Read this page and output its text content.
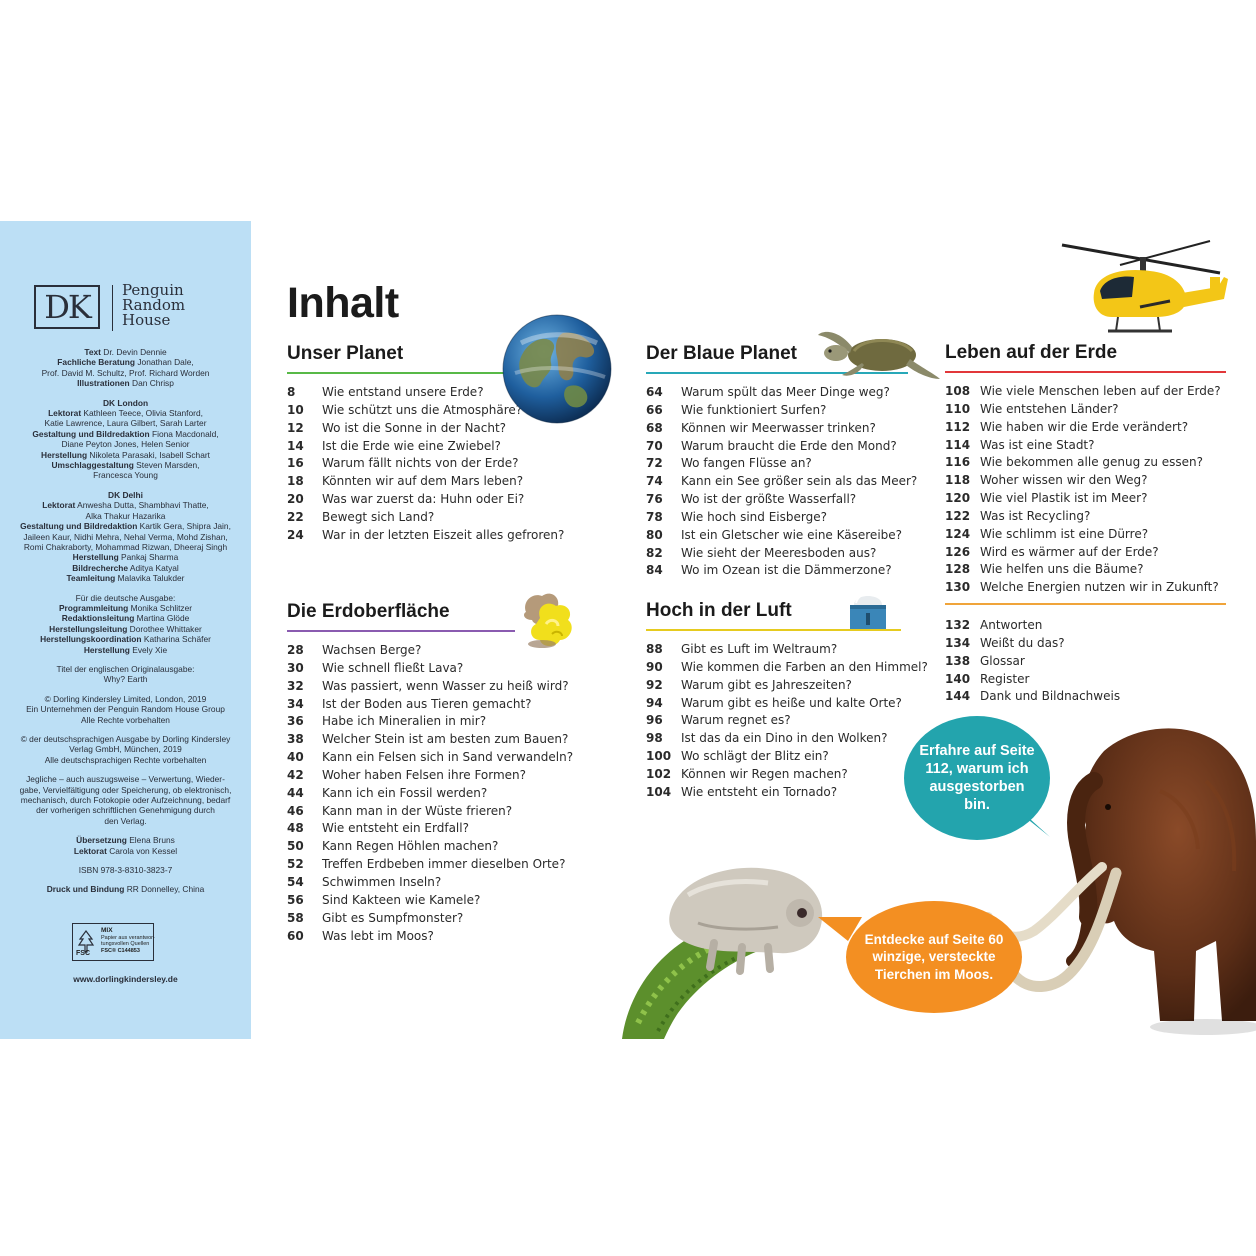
DK	Penguin
Random
House
Text Dr. Devin Dennie
Fachliche Beratung Jonathan Dale,
Prof. David M. Schultz, Prof. Richard Worden
Illustrationen Dan Chrisp
DK London
Lektorat Kathleen Teece, Olivia Stanford,
Katie Lawrence, Laura Gilbert, Sarah Larter
Gestaltung und Bildredaktion Fiona Macdonald,
Diane Peyton Jones, Helen Senior
Herstellung Nikoleta Parasaki, Isabell Schart
Umschlaggestaltung Steven Marsden,
Francesca Young
DK Delhi
Lektorat Anwesha Dutta, Shambhavi Thatte,
Alka Thakur Hazarika
Gestaltung und Bildredaktion Kartik Gera, Shipra Jain,
Jaileen Kaur, Nidhi Mehra, Nehal Verma, Mohd Zishan,
Romi Chakraborty, Mohammad Rizwan, Dheeraj Singh
Herstellung Pankaj Sharma
Bildrecherche Aditya Katyal
Teamleitung Malavika Talukder
Für die deutsche Ausgabe:
Programmleitung Monika Schlitzer
Redaktionsleitung Martina Glöde
Herstellungsleitung Dorothee Whittaker
Herstellungskoordination Katharina Schäfer
Herstellung Evely Xie
Titel der englischen Originalausgabe:
Why? Earth
© Dorling Kindersley Limited, London, 2019
Ein Unternehmen der Penguin Random House Group
Alle Rechte vorbehalten
© der deutschsprachigen Ausgabe by Dorling Kindersley
Verlag GmbH, München, 2019
Alle deutschsprachigen Rechte vorbehalten
Jegliche – auch auszugsweise – Verwertung, Wieder-
gabe, Vervielfältigung oder Speicherung, ob elektronisch,
mechanisch, durch Fotokopie oder Aufzeichnung, bedarf
der vorherigen schriftlichen Genehmigung durch
den Verlag.
Übersetzung Elena Bruns
Lektorat Carola von Kessel
ISBN 978-3-8310-3823-7
Druck und Bindung RR Donnelley, China
FSC
MIX
Papier aus verantwor-
tungsvollen Quellen
FSC® C144853
www.dorlingkindersley.de
Inhalt
Unser Planet
8	Wie entstand unsere Erde?
10	Wie schützt uns die Atmosphäre?
12	Wo ist die Sonne in der Nacht?
14	Ist die Erde wie eine Zwiebel?
16	Warum fällt nichts von der Erde?
18	Könnten wir auf dem Mars leben?
20	Was war zuerst da: Huhn oder Ei?
22	Bewegt sich Land?
24	War in der letzten Eiszeit alles gefroren?
Die Erdoberfläche
28	Wachsen Berge?
30	Wie schnell fließt Lava?
32	Was passiert, wenn Wasser zu heiß wird?
34	Ist der Boden aus Tieren gemacht?
36	Habe ich Mineralien in mir?
38	Welcher Stein ist am besten zum Bauen?
40	Kann ein Felsen sich in Sand verwandeln?
42	Woher haben Felsen ihre Formen?
44	Kann ich ein Fossil werden?
46	Kann man in der Wüste frieren?
48	Wie entsteht ein Erdfall?
50	Kann Regen Höhlen machen?
52	Treffen Erdbeben immer dieselben Orte?
54	Schwimmen Inseln?
56	Sind Kakteen wie Kamele?
58	Gibt es Sumpfmonster?
60	Was lebt im Moos?
Der Blaue Planet
64	Warum spült das Meer Dinge weg?
66	Wie funktioniert Surfen?
68	Können wir Meerwasser trinken?
70	Warum braucht die Erde den Mond?
72	Wo fangen Flüsse an?
74	Kann ein See größer sein als das Meer?
76	Wo ist der größte Wasserfall?
78	Wie hoch sind Eisberge?
80	Ist ein Gletscher wie eine Käsereibe?
82	Wie sieht der Meeresboden aus?
84	Wo im Ozean ist die Dämmerzone?
Hoch in der Luft
88	Gibt es Luft im Weltraum?
90	Wie kommen die Farben an den Himmel?
92	Warum gibt es Jahreszeiten?
94	Warum gibt es heiße und kalte Orte?
96	Warum regnet es?
98	Ist das da ein Dino in den Wolken?
100 Wo schlägt der Blitz ein?
102 Können wir Regen machen?
104 Wie entsteht ein Tornado?
Leben auf der Erde
108 Wie viele Menschen leben auf der Erde?
110 Wie entstehen Länder?
112 Wie haben wir die Erde verändert?
114 Was ist eine Stadt?
116 Wie bekommen alle genug zu essen?
118 Woher wissen wir den Weg?
120 Wie viel Plastik ist im Meer?
122 Was ist Recycling?
124 Wie schlimm ist eine Dürre?
126 Wird es wärmer auf der Erde?
128 Wie helfen uns die Bäume?
130 Welche Energien nutzen wir in Zukunft?
132 Antworten
134 Weißt du das?
138 Glossar
140 Register
144 Dank und Bildnachweis
Erfahre auf Seite 112, warum ich ausgestorben bin.
Entdecke auf Seite 60 winzige, versteckte Tierchen im Moos.
